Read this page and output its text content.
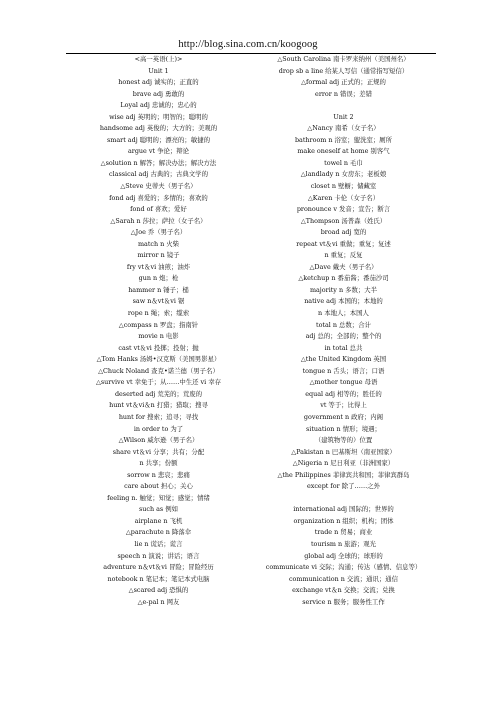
http://blog.sina.com.cn/koogoog
<高一英语(上)>
Unit 1
honest adj 诚实的；正直的
brave adj 勇敢的
Loyal adj 忠诚的；忠心的
wise adj 英明的；明智的；聪明的
handsome adj 英俊的；大方的；美观的
smart adj 聪明的；漂亮的；敏捷的
argue vt 争论；辩论
△solution n 解答；解决办法；解决方法
classical adj 古典的；古典文学的
△Steve 史蒂夫（男子名）
fond adj 喜爱的；多情的；喜欢的
fond of 喜欢；爱好
△Sarah n 莎拉；萨拉（女子名）
△Joe 乔（男子名）
match n 火柴
mirror n 镜子
fry vt＆vi 油煎；油炸
gun n 炮；枪
hammer n 锤子；槌
saw n＆vt＆vi 锯
rope n 绳；索；缆索
△compass n 罗盘；指南针
movie n 电影
cast vt＆vi 投掷；投射；抛
△Tom Hanks 汤姆•汉克斯（美国男影星）
△Chuck Noland 查克•诺兰德（男子名）
△survive vt 幸免于；从……中生还 vi 幸存
deserted adj 荒芜的；荒废的
hunt vt＆vi＆n 打猎；猎取；搜寻
hunt for 搜索；追寻；寻找
in order to 为了
△Wilson 威尔逊（男子名）
share vt＆vi 分享；共有；分配
n 共享；份额
sorrow n 悲哀；悲痛
care about 担心；关心
feeling n. 触觉；知觉；感觉；情绪
such as 例如
airplane n 飞机
△parachute n 降落伞
lie n 谎话；谎言
speech n 演说；讲话；语言
adventure n＆vt＆vi 冒险；冒险经历
notebook n 笔记本；笔记本式电脑
△scared adj 恐惧的
△e-pal n 网友
△South Carolina 南卡罗来纳州（美国州名）
drop sb a line 给某人写信（通常指写短信）
△formal adj 正式的；正规的
error n 错误；差错
Unit 2
△Nancy 南希（女子名）
bathroom n 浴室；盥洗室；厕所
make oneself at home 别客气
towel n 毛巾
△landlady n 女房东；老板娘
closet n 壁橱；储藏室
△Karen 卡伦（女子名）
pronounce v 发音；宣告；断言
△Thompson 汤普森（姓氏）
broad adj 宽的
repeat vt＆vi 重做；重复；复述
n 重复；反复
△Dave 戴夫（男子名）
△ketchup n 番茄酱；番茄沙司
majority n 多数；大半
native adj 本国的；本地的
n 本地人；本国人
total n 总数；合计
adj 总的；全部的；整个的
in total 总共
△the United Kingdom 英国
tongue n 舌头；语言；口语
△mother tongue 母语
equal adj 相等的；胜任的
vt 等于；比得上
government n 政府；内阁
situation n 情形；境遇；
（建筑物等的）位置
△Pakistan n 巴基斯坦（南亚国家）
△Nigeria n 尼日利亚（非洲国家）
△the Philippines 菲律宾共和国；菲律宾群岛
except for 除了……之外
international adj 国际的；世界的
organization n 组织；机构；团体
trade n 贸易；商业
tourism n 旅游；观光
global adj 全球的；球形的
communicate vi 交际；沟通；传达（感情、信息等）
communication n 交流；通讯；通信
exchange vt＆n 交换；交流；兑换
service n 服务；服务性工作
